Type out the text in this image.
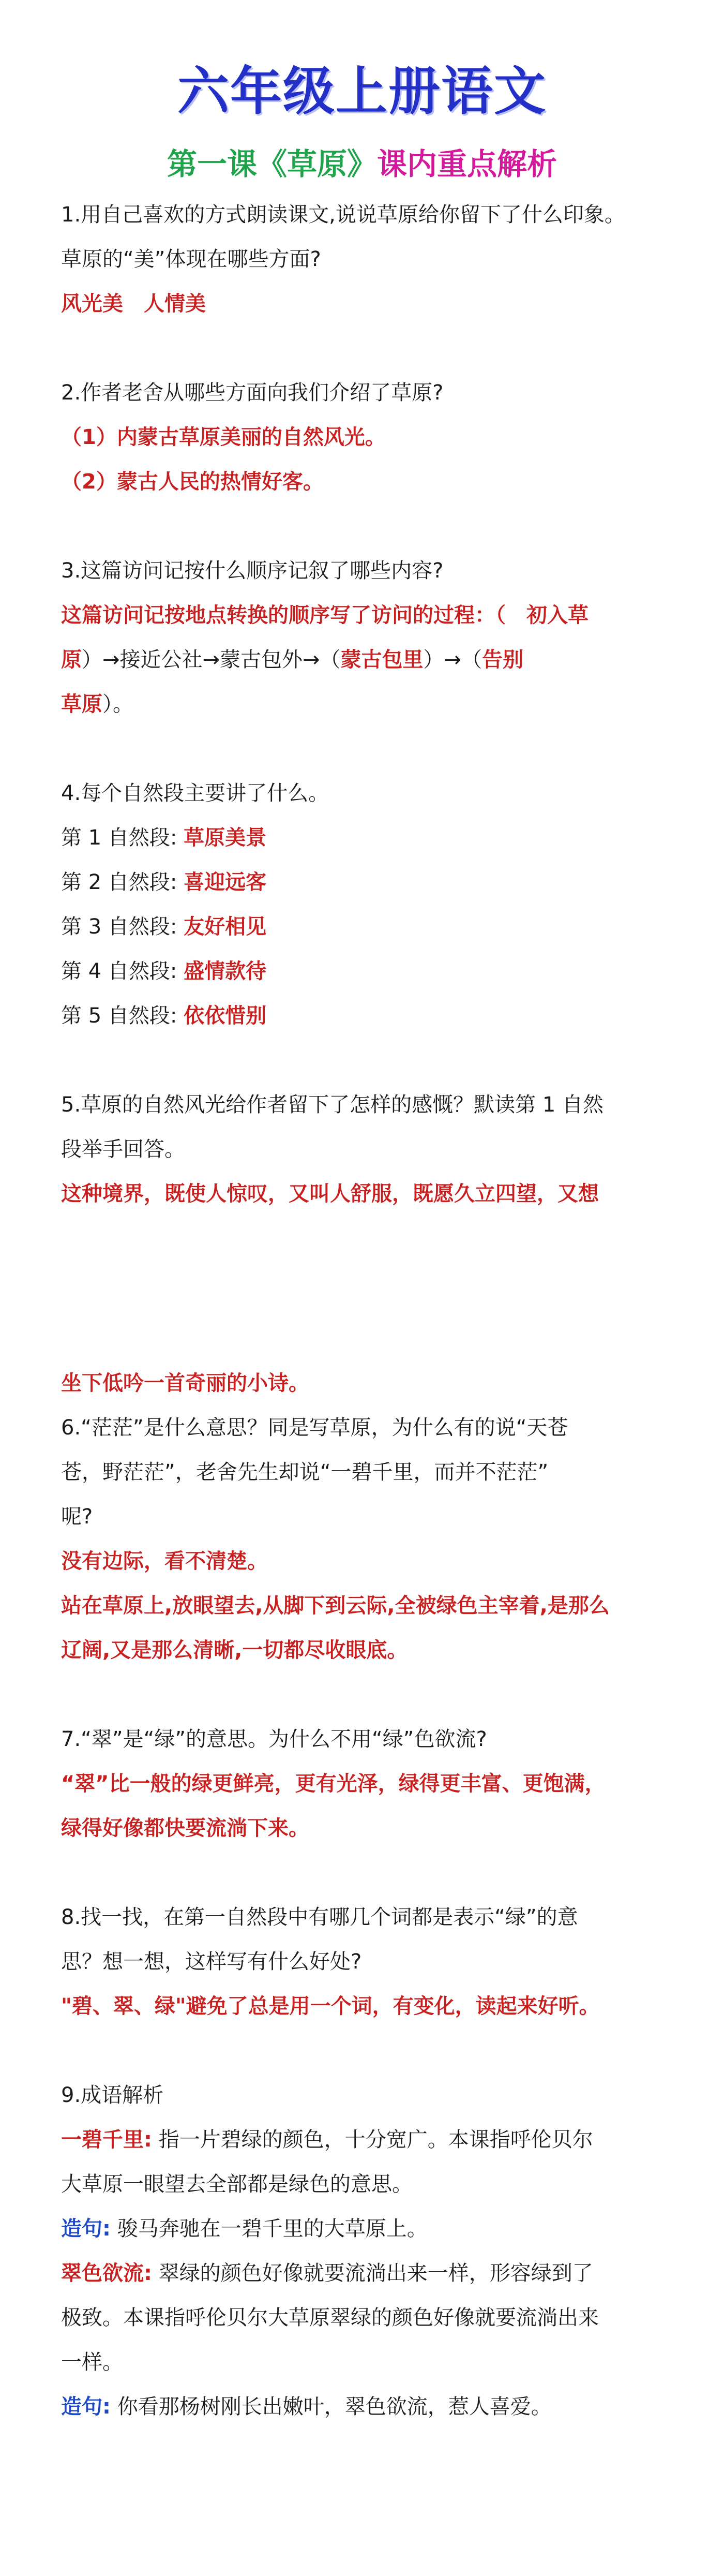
六年级上册语文
第一课《草原》课内重点解析
1.用自己喜欢的方式朗读课文,说说草原给你留下了什么印象。
草原的“美”体现在哪些方面?
风光美　人情美
2.作者老舍从哪些方面向我们介绍了草原?
（1）内蒙古草原美丽的自然风光。
（2）蒙古人民的热情好客。
3.这篇访问记按什么顺序记叙了哪些内容?
这篇访问记按地点转换的顺序写了访问的过程：（　初入草
原）→接近公社→蒙古包外→（蒙古包里）→（告别
草原）。
4.每个自然段主要讲了什么。
第 1 自然段: 草原美景
第 2 自然段: 喜迎远客
第 3 自然段: 友好相见
第 4 自然段: 盛情款待
第 5 自然段: 依依惜别
5.草原的自然风光给作者留下了怎样的感慨？默读第 1 自然
段举手回答。
这种境界，既使人惊叹，又叫人舒服，既愿久立四望，又想
坐下低吟一首奇丽的小诗。
6.“茫茫”是什么意思？同是写草原，为什么有的说“天苍
苍，野茫茫”，老舍先生却说“一碧千里，而并不茫茫”
呢?
没有边际，看不清楚。
站在草原上,放眼望去,从脚下到云际,全被绿色主宰着,是那么
辽阔,又是那么清晰,一切都尽收眼底。
7.“翠”是“绿”的意思。为什么不用“绿”色欲流?
“翠”比一般的绿更鲜亮，更有光泽，绿得更丰富、更饱满，
绿得好像都快要流淌下来。
8.找一找，在第一自然段中有哪几个词都是表示“绿”的意
思？想一想，这样写有什么好处?
"碧、翠、绿"避免了总是用一个词，有变化，读起来好听。
9.成语解析
一碧千里: 指一片碧绿的颜色，十分宽广。本课指呼伦贝尔
大草原一眼望去全部都是绿色的意思。
造句: 骏马奔驰在一碧千里的大草原上。
翠色欲流: 翠绿的颜色好像就要流淌出来一样，形容绿到了
极致。本课指呼伦贝尔大草原翠绿的颜色好像就要流淌出来
一样。
造句: 你看那杨树刚长出嫩叶，翠色欲流，惹人喜爱。
